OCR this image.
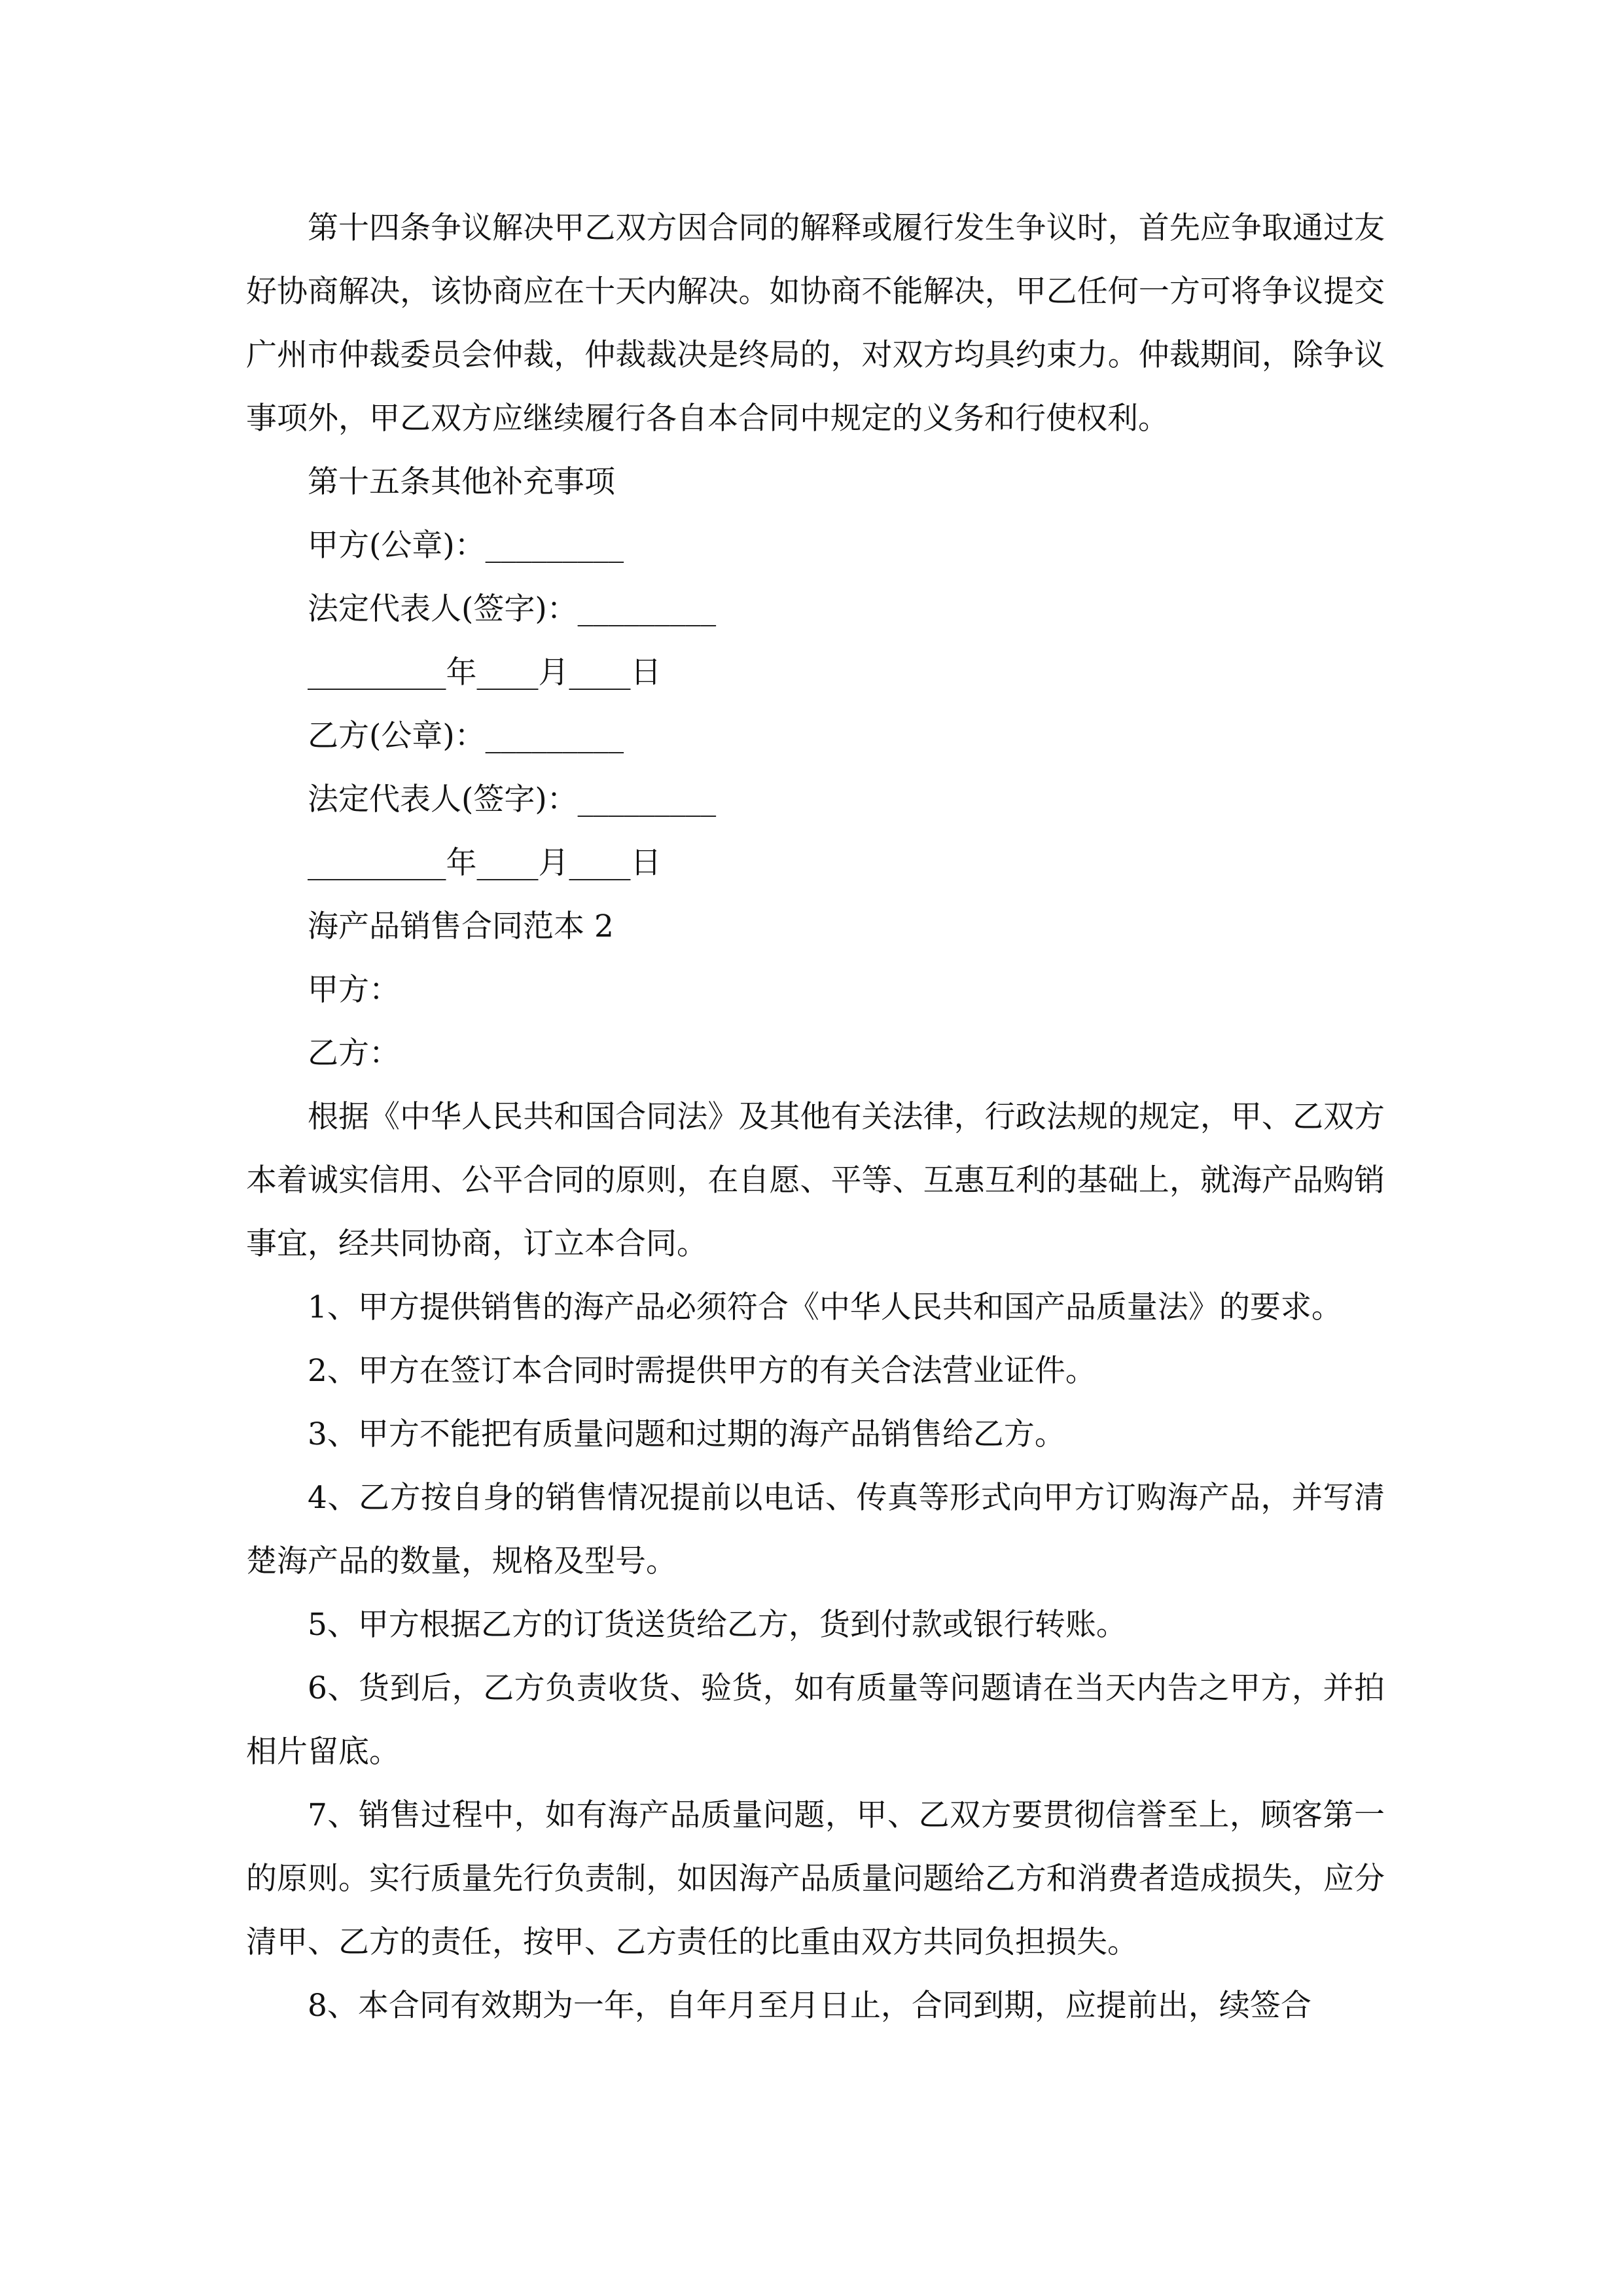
第十四条争议解决甲乙双方因合同的解释或履行发生争议时，首先应争取通过友好协商解决，该协商应在十天内解决。如协商不能解决，甲乙任何一方可将争议提交广州市仲裁委员会仲裁，仲裁裁决是终局的，对双方均具约束力。仲裁期间，除争议事项外，甲乙双方应继续履行各自本合同中规定的义务和行使权利。

第十五条其他补充事项

甲方(公章)：_________

法定代表人(签字)：_________

_________年____月____日

乙方(公章)：_________

法定代表人(签字)：_________

_________年____月____日

海产品销售合同范本 2

甲方：

乙方：

根据《中华人民共和国合同法》及其他有关法律，行政法规的规定，甲、乙双方本着诚实信用、公平合同的原则，在自愿、平等、互惠互利的基础上，就海产品购销事宜，经共同协商，订立本合同。

1、甲方提供销售的海产品必须符合《中华人民共和国产品质量法》的要求。

2、甲方在签订本合同时需提供甲方的有关合法营业证件。

3、甲方不能把有质量问题和过期的海产品销售给乙方。

4、乙方按自身的销售情况提前以电话、传真等形式向甲方订购海产品，并写清楚海产品的数量，规格及型号。

5、甲方根据乙方的订货送货给乙方，货到付款或银行转账。

6、货到后，乙方负责收货、验货，如有质量等问题请在当天内告之甲方，并拍相片留底。

7、销售过程中，如有海产品质量问题，甲、乙双方要贯彻信誉至上，顾客第一的原则。实行质量先行负责制，如因海产品质量问题给乙方和消费者造成损失，应分清甲、乙方的责任，按甲、乙方责任的比重由双方共同负担损失。

8、本合同有效期为一年，自年月至月日止，合同到期，应提前出，续签合
